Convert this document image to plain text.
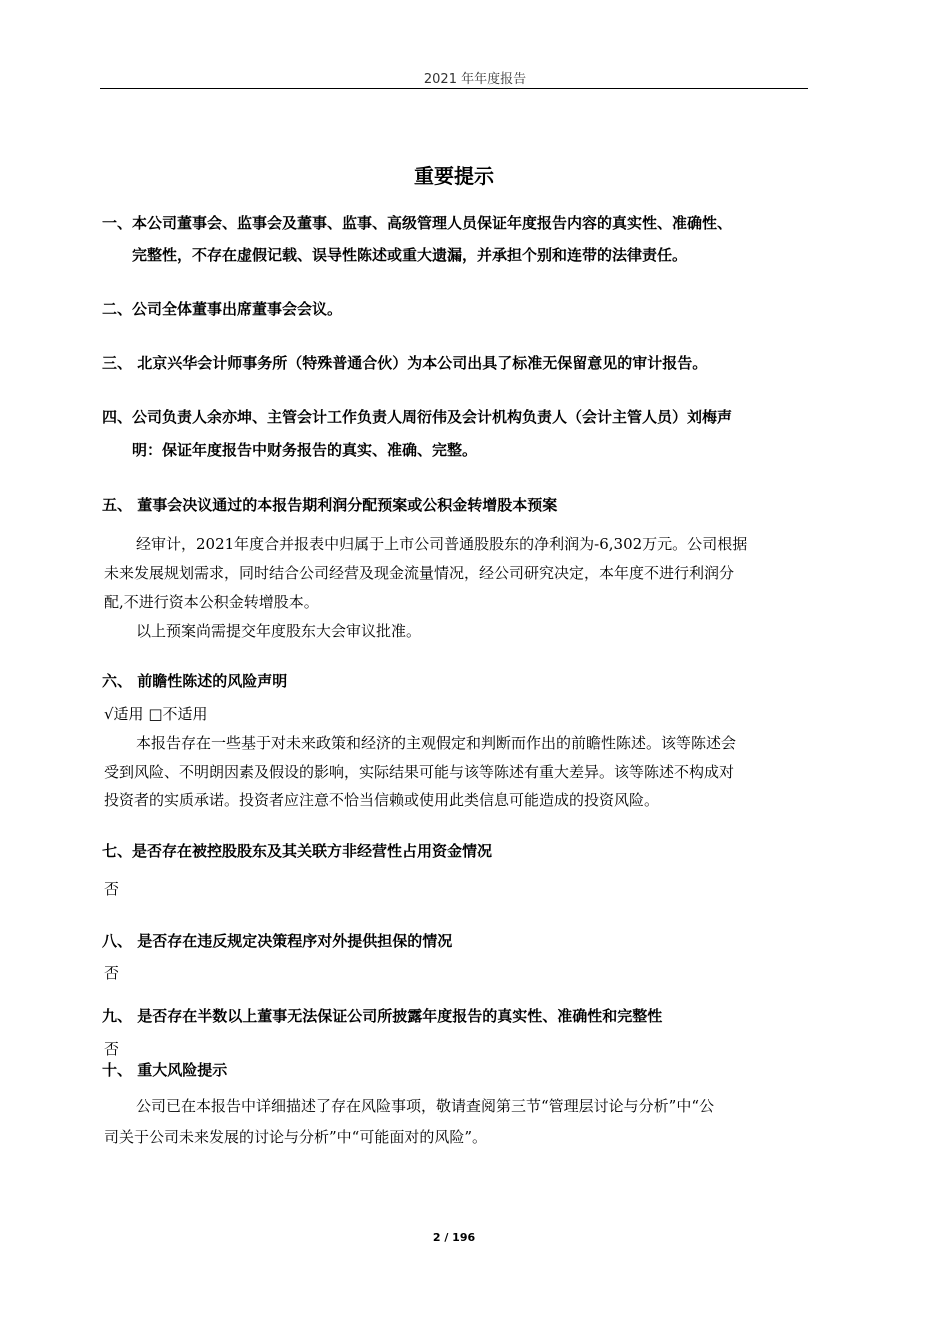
2021 年年度报告
重要提示
一、本公司董事会、监事会及董事、监事、高级管理人员保证年度报告内容的真实性、准确性、
完整性，不存在虚假记载、误导性陈述或重大遗漏，并承担个别和连带的法律责任。
二、公司全体董事出席董事会会议。
三、 北京兴华会计师事务所（特殊普通合伙）为本公司出具了标准无保留意见的审计报告。
四、公司负责人余亦坤、主管会计工作负责人周衍伟及会计机构负责人（会计主管人员）刘梅声
明：保证年度报告中财务报告的真实、准确、完整。
五、 董事会决议通过的本报告期利润分配预案或公积金转增股本预案
经审计，2021年度合并报表中归属于上市公司普通股股东的净利润为-6,302万元。公司根据
未来发展规划需求，同时结合公司经营及现金流量情况，经公司研究决定，本年度不进行利润分
配,不进行资本公积金转增股本。
以上预案尚需提交年度股东大会审议批准。
六、 前瞻性陈述的风险声明
√适用 □不适用
本报告存在一些基于对未来政策和经济的主观假定和判断而作出的前瞻性陈述。该等陈述会
受到风险、不明朗因素及假设的影响，实际结果可能与该等陈述有重大差异。该等陈述不构成对
投资者的实质承诺。投资者应注意不恰当信赖或使用此类信息可能造成的投资风险。
七、是否存在被控股股东及其关联方非经营性占用资金情况
否
八、 是否存在违反规定决策程序对外提供担保的情况
否
九、 是否存在半数以上董事无法保证公司所披露年度报告的真实性、准确性和完整性
否
十、 重大风险提示
公司已在本报告中详细描述了存在风险事项，敬请查阅第三节“管理层讨论与分析”中“公
司关于公司未来发展的讨论与分析”中“可能面对的风险”。
2 / 196
